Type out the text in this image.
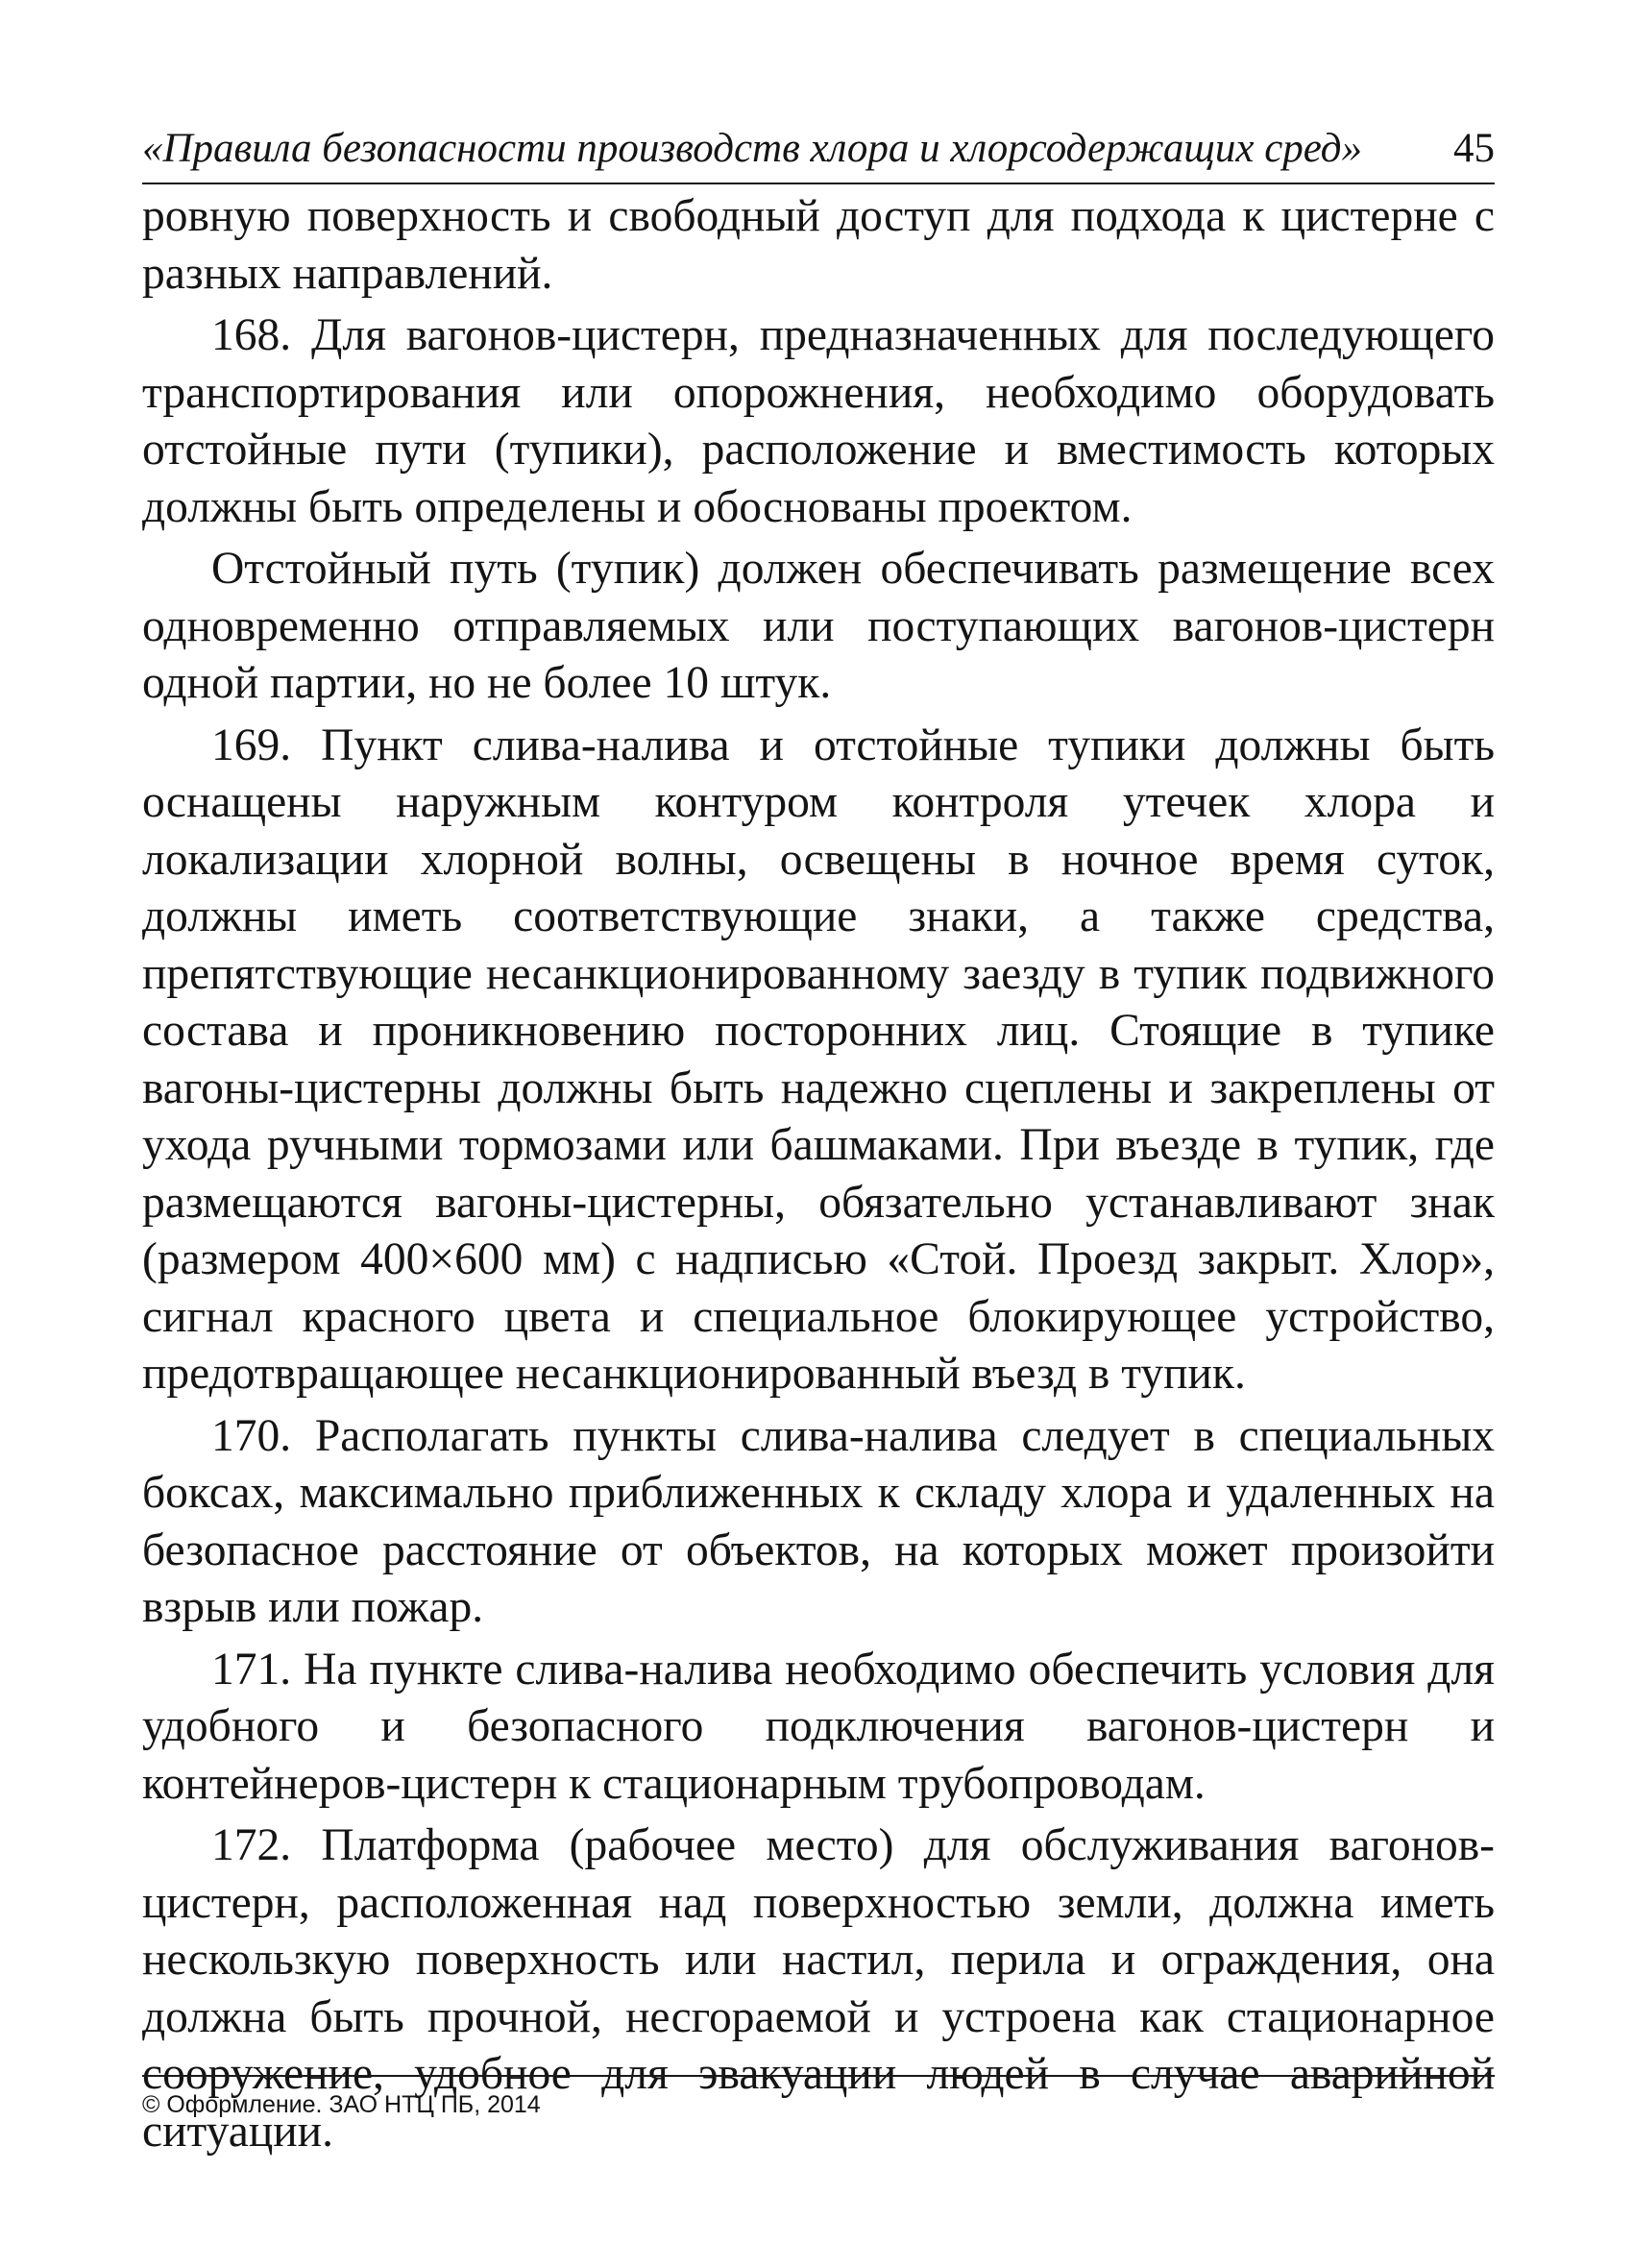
«Правила безопасности производств хлора и хлорсодержащих сред» 45

ровную поверхность и свободный доступ для подхода к цистерне с разных направлений.

168. Для вагонов-цистерн, предназначенных для последующего транспортирования или опорожнения, необходимо оборудовать отстойные пути (тупики), расположение и вместимость которых должны быть определены и обоснованы проектом.

Отстойный путь (тупик) должен обеспечивать размещение всех одновременно отправляемых или поступающих вагонов-цистерн одной партии, но не более 10 штук.

169. Пункт слива-налива и отстойные тупики должны быть оснащены наружным контуром контроля утечек хлора и локализации хлорной волны, освещены в ночное время суток, должны иметь соответствующие знаки, а также средства, препятствующие несанкционированному заезду в тупик подвижного состава и проникновению посторонних лиц. Стоящие в тупике вагоны-цистерны должны быть надежно сцеплены и закреплены от ухода ручными тормозами или башмаками. При въезде в тупик, где размещаются вагоны-цистерны, обязательно устанавливают знак (размером 400×600 мм) с надписью «Стой. Проезд закрыт. Хлор», сигнал красного цвета и специальное блокирующее устройство, предотвращающее несанкционированный въезд в тупик.

170. Располагать пункты слива-налива следует в специальных боксах, максимально приближенных к складу хлора и удаленных на безопасное расстояние от объектов, на которых может произойти взрыв или пожар.

171. На пункте слива-налива необходимо обеспечить условия для удобного и безопасного подключения вагонов-цистерн и контейнеров-цистерн к стационарным трубопроводам.

172. Платформа (рабочее место) для обслуживания вагонов-цистерн, расположенная над поверхностью земли, должна иметь нескользкую поверхность или настил, перила и ограждения, она должна быть прочной, несгораемой и устроена как стационарное сооружение, удобное для эвакуации людей в случае аварийной ситуации.

© Оформление. ЗАО НТЦ ПБ, 2014
